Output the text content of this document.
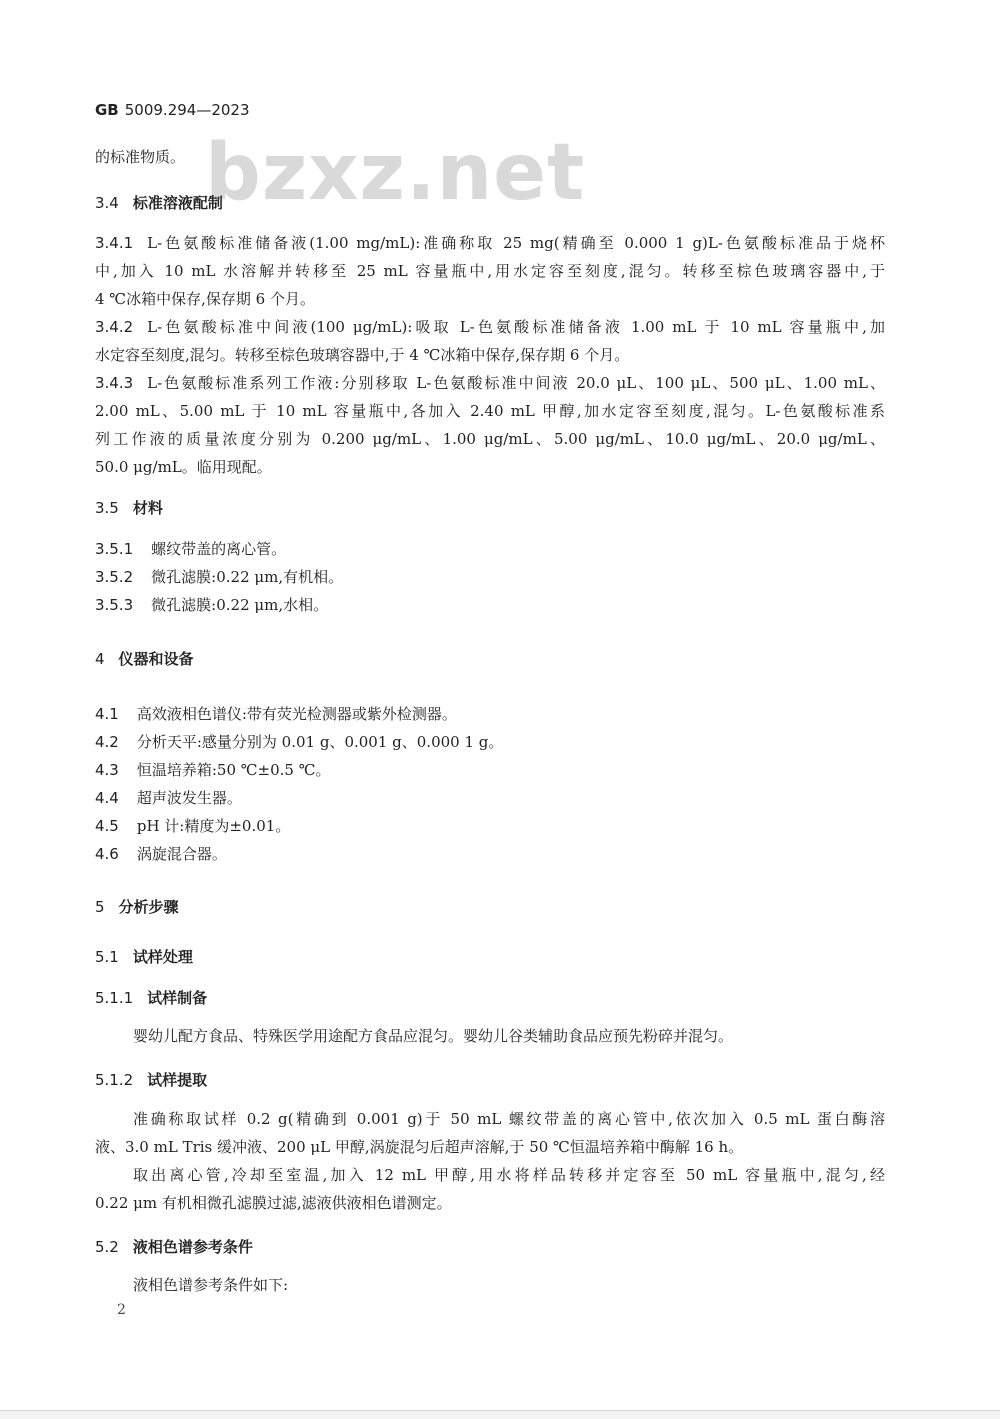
bzxz.net
GB 5009.294—2023
的标准物质。
3.4 标准溶液配制
3.4.1 L-色氨酸标准储备液(1.00 mg/mL):准确称取 25 mg(精确至 0.000 1 g)L-色氨酸标准品于烧杯
中,加入 10 mL 水溶解并转移至 25 mL 容量瓶中,用水定容至刻度,混匀。转移至棕色玻璃容器中,于
4 ℃冰箱中保存,保存期 6 个月。
3.4.2 L-色氨酸标准中间液(100 μg/mL):吸取 L-色氨酸标准储备液 1.00 mL 于 10 mL 容量瓶中,加
水定容至刻度,混匀。转移至棕色玻璃容器中,于 4 ℃冰箱中保存,保存期 6 个月。
3.4.3 L-色氨酸标准系列工作液:分别移取 L-色氨酸标准中间液 20.0 μL、100 μL、500 μL、1.00 mL、
2.00 mL、5.00 mL 于 10 mL 容量瓶中,各加入 2.40 mL 甲醇,加水定容至刻度,混匀。L-色氨酸标准系
列工作液的质量浓度分别为 0.200 μg/mL、1.00 μg/mL、5.00 μg/mL、10.0 μg/mL、20.0 μg/mL、
50.0 μg/mL。临用现配。
3.5 材料
3.5.1 螺纹带盖的离心管。
3.5.2 微孔滤膜:0.22 μm,有机相。
3.5.3 微孔滤膜:0.22 μm,水相。
4 仪器和设备
4.1 高效液相色谱仪:带有荧光检测器或紫外检测器。
4.2 分析天平:感量分别为 0.01 g、0.001 g、0.000 1 g。
4.3 恒温培养箱:50 ℃±0.5 ℃。
4.4 超声波发生器。
4.5 pH 计:精度为±0.01。
4.6 涡旋混合器。
5 分析步骤
5.1 试样处理
5.1.1 试样制备
婴幼儿配方食品、特殊医学用途配方食品应混匀。婴幼儿谷类辅助食品应预先粉碎并混匀。
5.1.2 试样提取
准确称取试样 0.2 g(精确到 0.001 g)于 50 mL 螺纹带盖的离心管中,依次加入 0.5 mL 蛋白酶溶
液、3.0 mL Tris 缓冲液、200 μL 甲醇,涡旋混匀后超声溶解,于 50 ℃恒温培养箱中酶解 16 h。
取出离心管,冷却至室温,加入 12 mL 甲醇,用水将样品转移并定容至 50 mL 容量瓶中,混匀,经
0.22 μm 有机相微孔滤膜过滤,滤液供液相色谱测定。
5.2 液相色谱参考条件
液相色谱参考条件如下:
2
